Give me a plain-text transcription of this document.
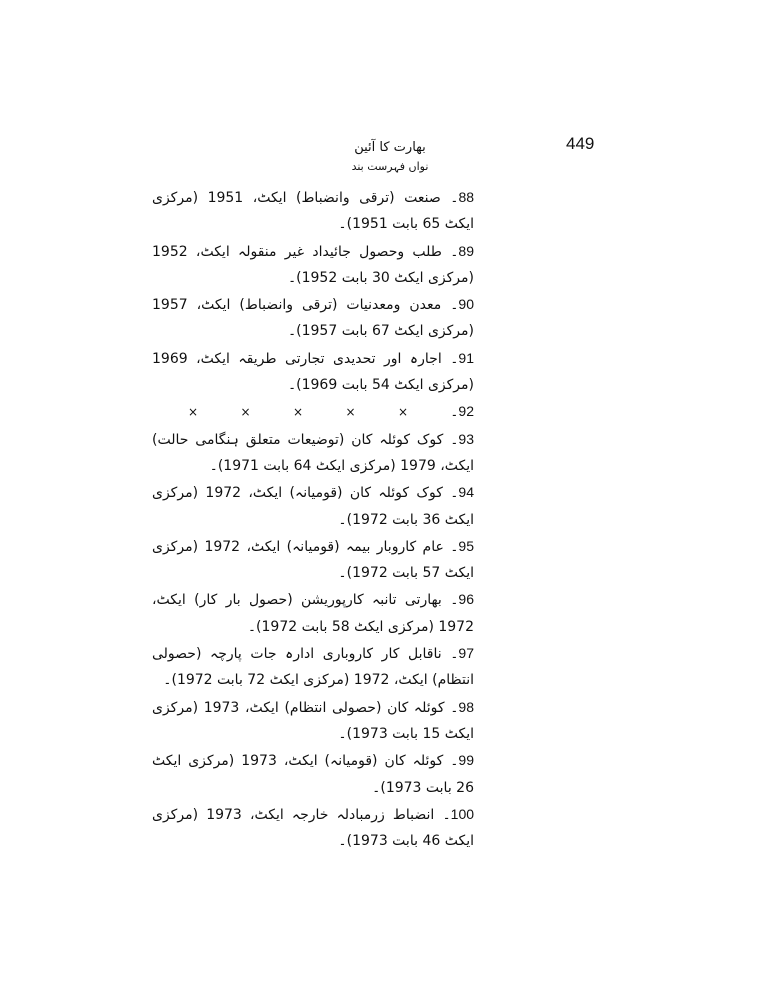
449
بھارت کا آئین
نواں فہرست بند

88۔ صنعت (ترقی وانضباط) ایکٹ، 1951 (مرکزی ایکٹ 65 بابت 1951)۔

89۔ طلب وحصول جائیداد غیر منقولہ ایکٹ، 1952 (مرکزی ایکٹ 30 بابت 1952)۔

90۔ معدن ومعدنیات (ترقی وانضباط) ایکٹ، 1957 (مرکزی ایکٹ 67 بابت 1957)۔

91۔ اجارہ اور تحدیدی تجارتی طریقہ ایکٹ، 1969 (مرکزی ایکٹ 54 بابت 1969)۔

×	×	×	×	×	92۔

93۔ کوک کوئلہ کان (توضیعات متعلق ہنگامی حالت) ایکٹ، 1979 (مرکزی ایکٹ 64 بابت 1971)۔

94۔ کوک کوئلہ کان (قومیانہ) ایکٹ، 1972 (مرکزی ایکٹ 36 بابت 1972)۔

95۔ عام کاروبار بیمہ (قومیانہ) ایکٹ، 1972 (مرکزی ایکٹ 57 بابت 1972)۔

96۔ بھارتی تانبہ کارپوریشن (حصول بار کار) ایکٹ، 1972 (مرکزی ایکٹ 58 بابت 1972)۔

97۔ ناقابل کار کاروباری ادارہ جات پارچہ (حصولی انتظام) ایکٹ، 1972 (مرکزی ایکٹ 72 بابت 1972)۔

98۔ کوئلہ کان (حصولی انتظام) ایکٹ، 1973 (مرکزی ایکٹ 15 بابت 1973)۔

99۔ کوئلہ کان (قومیانہ) ایکٹ، 1973 (مرکزی ایکٹ 26 بابت 1973)۔

100۔ انضباط زرمبادلہ خارجہ ایکٹ، 1973 (مرکزی ایکٹ 46 بابت 1973)۔
